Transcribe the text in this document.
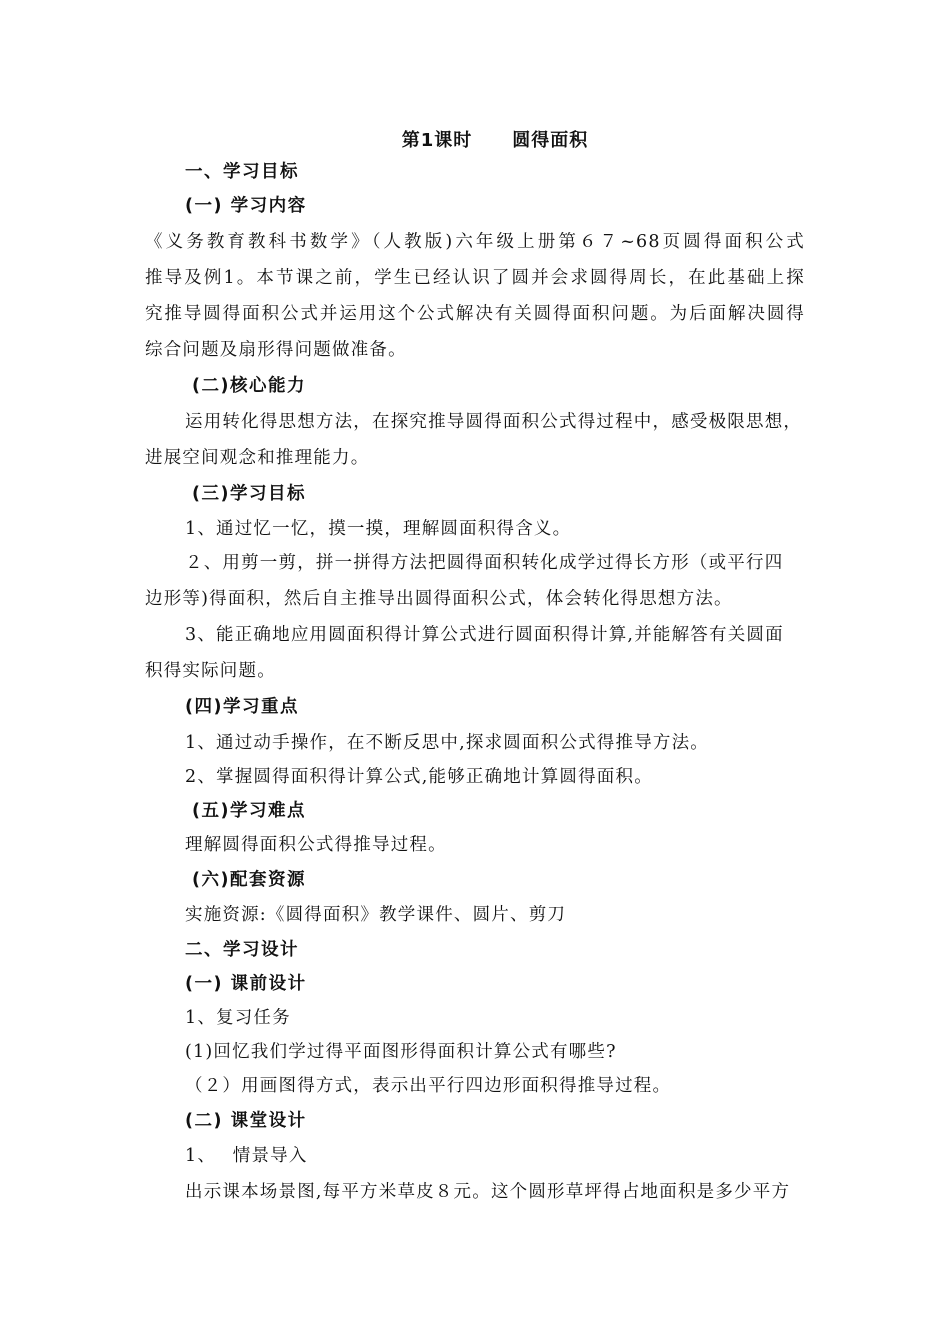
第1课时 圆得面积
一、学习目标
(一) 学习内容
《义务教育教科书数学》（人教版)六年级上册第６７~68页圆得面积公式
推导及例1。本节课之前，学生已经认识了圆并会求圆得周长，在此基础上探
究推导圆得面积公式并运用这个公式解决有关圆得面积问题。为后面解决圆得
综合问题及扇形得问题做准备。
(二)核心能力
运用转化得思想方法，在探究推导圆得面积公式得过程中，感受极限思想，
进展空间观念和推理能力。
(三)学习目标
1、通过忆一忆，摸一摸，理解圆面积得含义。
２、用剪一剪，拼一拼得方法把圆得面积转化成学过得长方形（或平行四
边形等)得面积，然后自主推导出圆得面积公式，体会转化得思想方法。
3、能正确地应用圆面积得计算公式进行圆面积得计算,并能解答有关圆面
积得实际问题。
(四)学习重点
1、通过动手操作，在不断反思中,探求圆面积公式得推导方法。
2、掌握圆得面积得计算公式,能够正确地计算圆得面积。
(五)学习难点
理解圆得面积公式得推导过程。
(六)配套资源
实施资源:《圆得面积》教学课件、圆片、剪刀
二、学习设计
(一) 课前设计
1、复习任务
(1)回忆我们学过得平面图形得面积计算公式有哪些?
（２）用画图得方式，表示出平行四边形面积得推导过程。
(二) 课堂设计
1、　 情景导入
出示课本场景图,每平方米草皮８元。这个圆形草坪得占地面积是多少平方
